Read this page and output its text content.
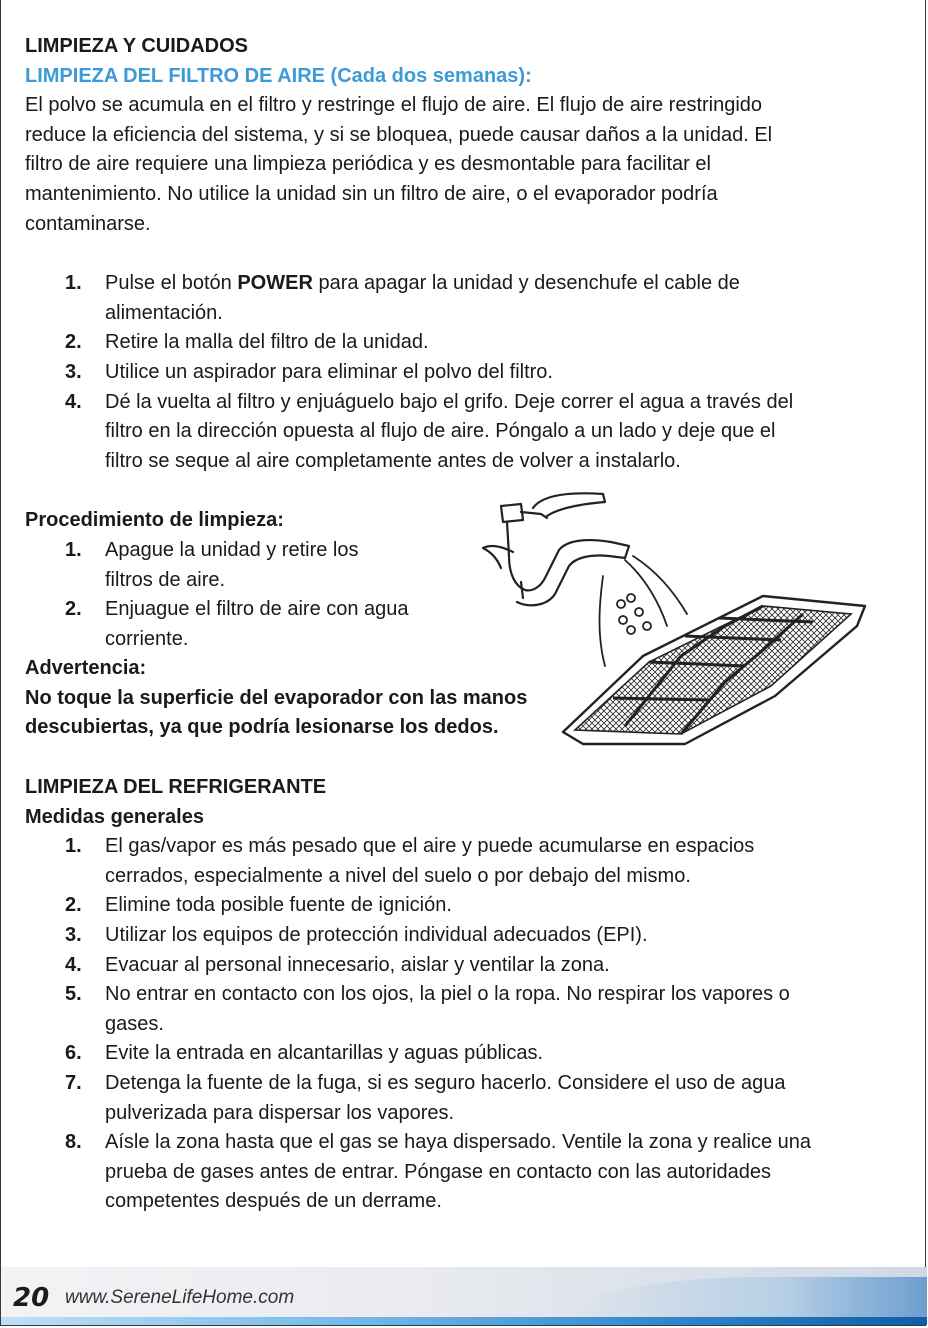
LIMPIEZA Y CUIDADOS
LIMPIEZA DEL FILTRO DE AIRE (Cada dos semanas):
El polvo se acumula en el filtro y restringe el flujo de aire. El flujo de aire restringido
reduce la eficiencia del sistema, y si se bloquea, puede causar daños a la unidad. El
filtro de aire requiere una limpieza periódica y es desmontable para facilitar el
mantenimiento. No utilice la unidad sin un filtro de aire, o el evaporador podría
contaminarse.
1. Pulse el botón POWER para apagar la unidad y desenchufe el cable de
alimentación.
2. Retire la malla del filtro de la unidad.
3. Utilice un aspirador para eliminar el polvo del filtro.
4. Dé la vuelta al filtro y enjuáguelo bajo el grifo. Deje correr el agua a través del
filtro en la dirección opuesta al flujo de aire. Póngalo a un lado y deje que el
filtro se seque al aire completamente antes de volver a instalarlo.
Procedimiento de limpieza:
1. Apague la unidad y retire los
filtros de aire.
2. Enjuague el filtro de aire con agua
corriente.
Advertencia:
No toque la superficie del evaporador con las manos
descubiertas, ya que podría lesionarse los dedos.
LIMPIEZA DEL REFRIGERANTE
Medidas generales
1. El gas/vapor es más pesado que el aire y puede acumularse en espacios
cerrados, especialmente a nivel del suelo o por debajo del mismo.
2. Elimine toda posible fuente de ignición.
3. Utilizar los equipos de protección individual adecuados (EPI).
4. Evacuar al personal innecesario, aislar y ventilar la zona.
5. No entrar en contacto con los ojos, la piel o la ropa. No respirar los vapores o
gases.
6. Evite la entrada en alcantarillas y aguas públicas.
7. Detenga la fuente de la fuga, si es seguro hacerlo. Considere el uso de agua
pulverizada para dispersar los vapores.
8. Aísle la zona hasta que el gas se haya dispersado. Ventile la zona y realice una
prueba de gases antes de entrar. Póngase en contacto con las autoridades
competentes después de un derrame.
20 www.SereneLifeHome.com
